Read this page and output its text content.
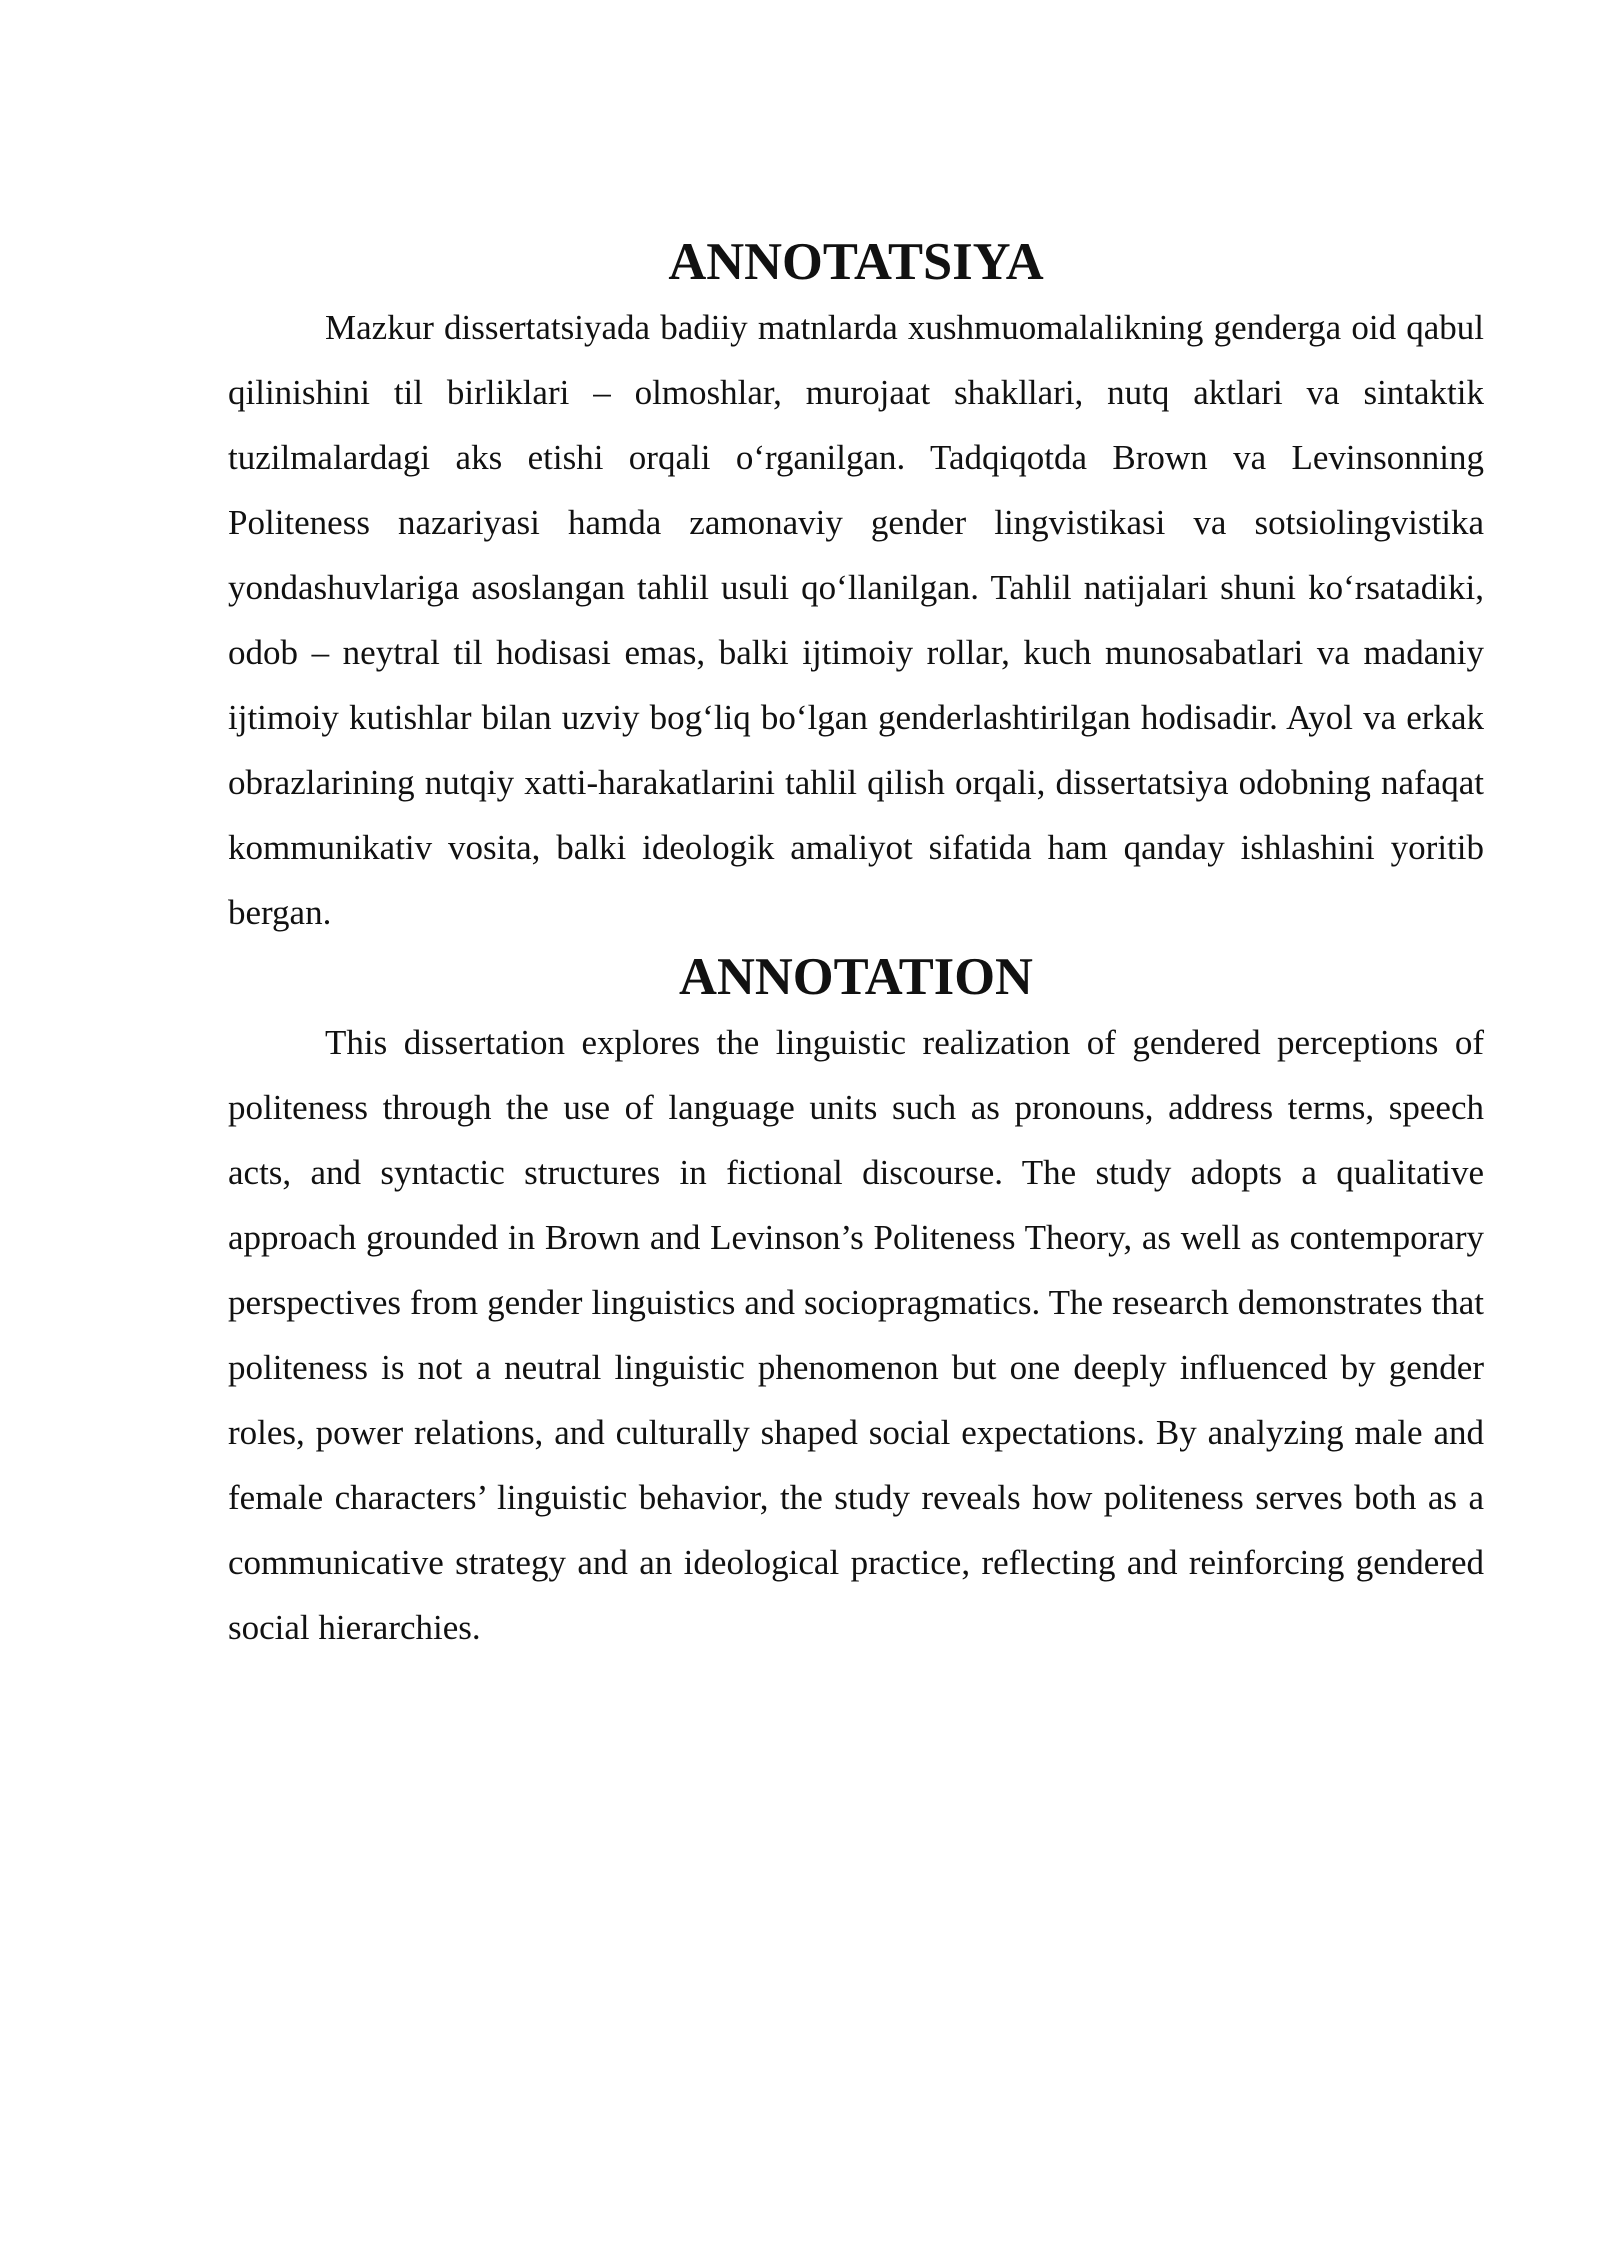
ANNOTATSIYA

Mazkur dissertatsiyada badiiy matnlarda xushmuomalalikning genderga oid qabul qilinishini til birliklari – olmoshlar, murojaat shakllari, nutq aktlari va sintaktik tuzilmalardagi aks etishi orqali o‘rganilgan. Tadqiqotda Brown va Levinsonning Politeness nazariyasi hamda zamonaviy gender lingvistikasi va sotsiolingvistika yondashuvlariga asoslangan tahlil usuli qo‘llanilgan. Tahlil natijalari shuni ko‘rsatadiki, odob – neytral til hodisasi emas, balki ijtimoiy rollar, kuch munosabatlari va madaniy ijtimoiy kutishlar bilan uzviy bog‘liq bo‘lgan genderlashtirilgan hodisadir. Ayol va erkak obrazlarining nutqiy xatti-harakatlarini tahlil qilish orqali, dissertatsiya odobning nafaqat kommunikativ vosita, balki ideologik amaliyot sifatida ham qanday ishlashini yoritib bergan.

ANNOTATION

This dissertation explores the linguistic realization of gendered perceptions of politeness through the use of language units such as pronouns, address terms, speech acts, and syntactic structures in fictional discourse. The study adopts a qualitative approach grounded in Brown and Levinson’s Politeness Theory, as well as contemporary perspectives from gender linguistics and sociopragmatics. The research demonstrates that politeness is not a neutral linguistic phenomenon but one deeply influenced by gender roles, power relations, and culturally shaped social expectations. By analyzing male and female characters’ linguistic behavior, the study reveals how politeness serves both as a communicative strategy and an ideological practice, reflecting and reinforcing gendered social hierarchies.
